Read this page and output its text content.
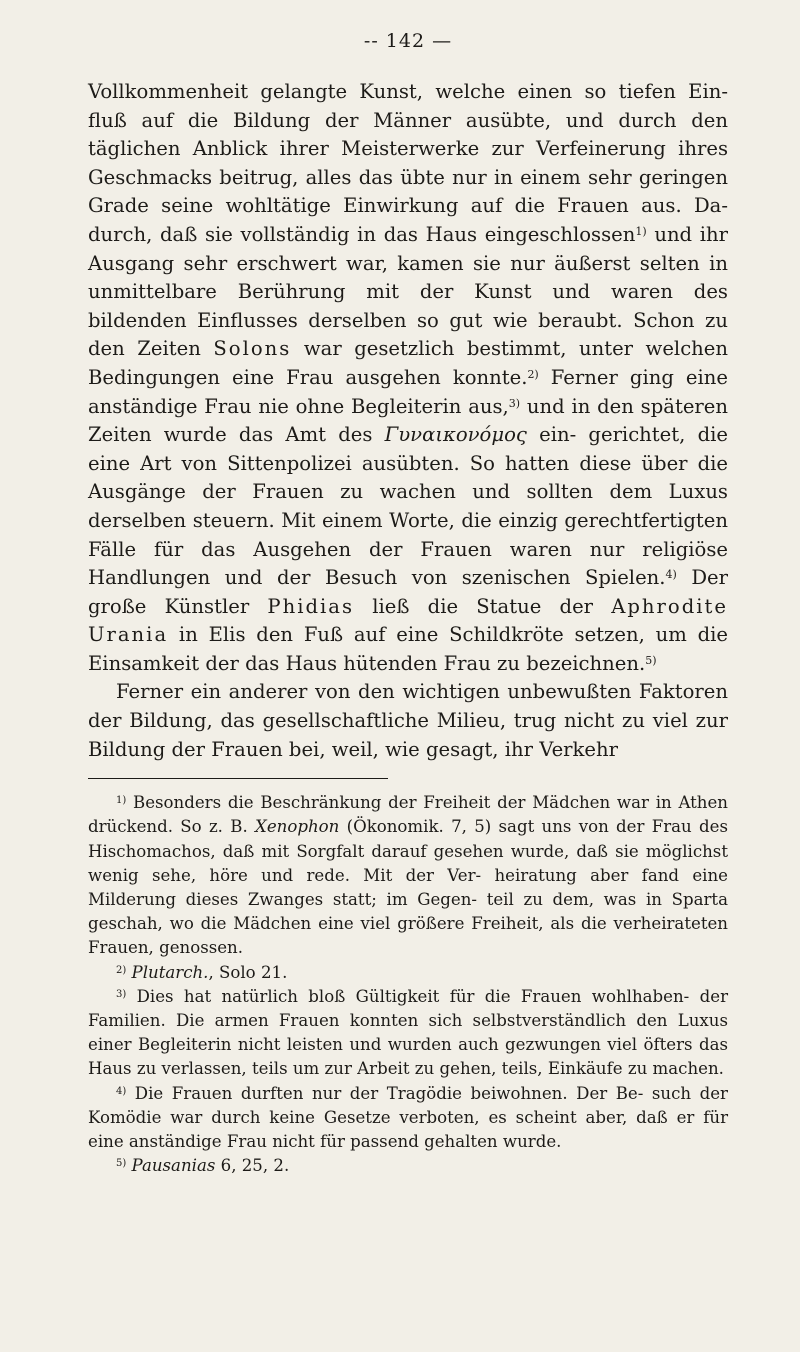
-- 142 —

Vollkommenheit gelangte Kunst, welche einen so tiefen Ein- fluß auf die Bildung der Männer ausübte, und durch den täglichen Anblick ihrer Meisterwerke zur Verfeinerung ihres Geschmacks beitrug, alles das übte nur in einem sehr geringen Grade seine wohltätige Einwirkung auf die Frauen aus. Da- durch, daß sie vollständig in das Haus eingeschlossen$^{1)}$ und ihr Ausgang sehr erschwert war, kamen sie nur äußerst selten in unmittelbare Berührung mit der Kunst und waren des bildenden Einflusses derselben so gut wie beraubt. Schon zu den Zeiten Solons war gesetzlich bestimmt, unter welchen Bedingungen eine Frau ausgehen konnte.$^{2)}$ Ferner ging eine anständige Frau nie ohne Begleiterin aus,$^{3)}$ und in den späteren Zeiten wurde das Amt des Γυναικονόμος ein- gerichtet, die eine Art von Sittenpolizei ausübten. So hatten diese über die Ausgänge der Frauen zu wachen und sollten dem Luxus derselben steuern. Mit einem Worte, die einzig gerechtfertigten Fälle für das Ausgehen der Frauen waren nur religiöse Handlungen und der Besuch von szenischen Spielen.$^{4)}$ Der große Künstler Phidias ließ die Statue der Aphrodite Urania in Elis den Fuß auf eine Schildkröte setzen, um die Einsamkeit der das Haus hütenden Frau zu bezeichnen.$^{5)}$

Ferner ein anderer von den wichtigen unbewußten Faktoren der Bildung, das gesellschaftliche Milieu, trug nicht zu viel zur Bildung der Frauen bei, weil, wie gesagt, ihr Verkehr

$^{1)}$ Besonders die Beschränkung der Freiheit der Mädchen war in Athen drückend. So z. B. Xenophon (Ökonomik. 7, 5) sagt uns von der Frau des Hischomachos, daß mit Sorgfalt darauf gesehen wurde, daß sie möglichst wenig sehe, höre und rede. Mit der Ver- heiratung aber fand eine Milderung dieses Zwanges statt; im Gegen- teil zu dem, was in Sparta geschah, wo die Mädchen eine viel größere Freiheit, als die verheirateten Frauen, genossen.

$^{2)}$ Plutarch., Solo 21.

$^{3)}$ Dies hat natürlich bloß Gültigkeit für die Frauen wohlhaben- der Familien. Die armen Frauen konnten sich selbstverständlich den Luxus einer Begleiterin nicht leisten und wurden auch gezwungen viel öfters das Haus zu verlassen, teils um zur Arbeit zu gehen, teils, Einkäufe zu machen.

$^{4)}$ Die Frauen durften nur der Tragödie beiwohnen. Der Be- such der Komödie war durch keine Gesetze verboten, es scheint aber, daß er für eine anständige Frau nicht für passend gehalten wurde.

$^{5)}$ Pausanias 6, 25, 2.
